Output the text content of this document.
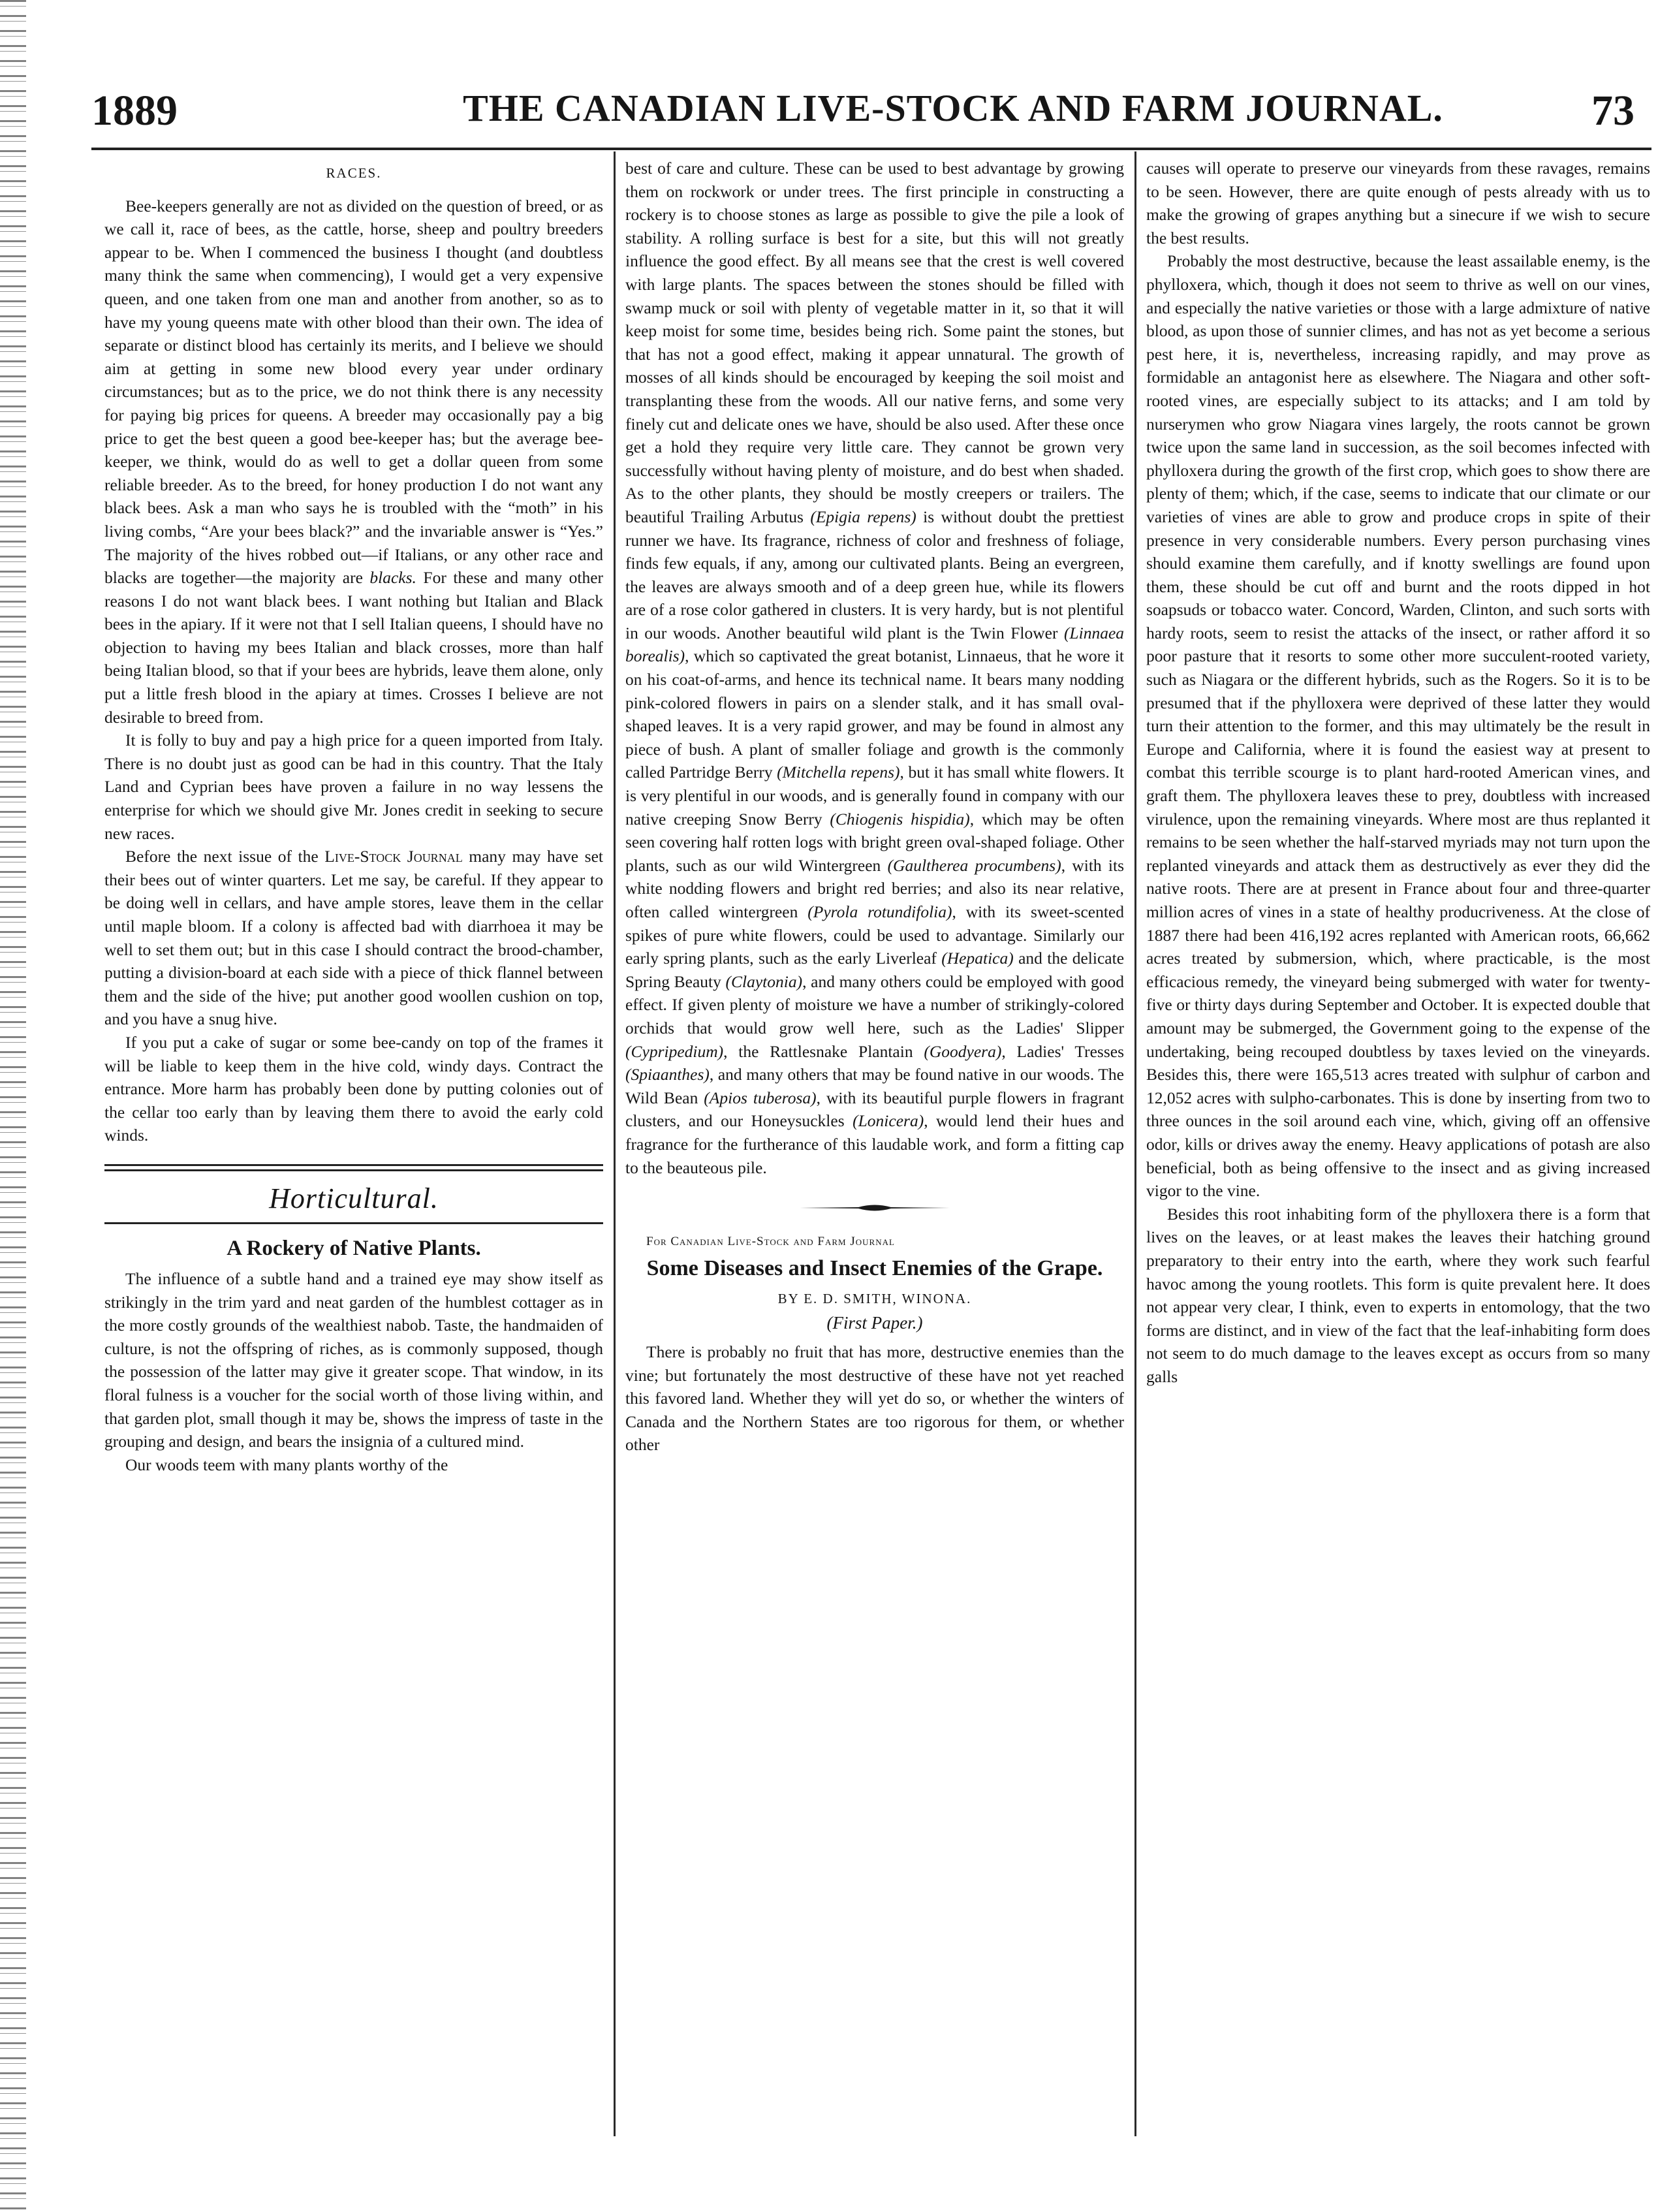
1889	THE CANADIAN LIVE-STOCK AND FARM JOURNAL.	73
RACES.

Bee-keepers generally are not as divided on the question of breed, or as we call it, race of bees, as the cattle, horse, sheep and poultry breeders appear to be. When I commenced the business I thought (and doubtless many think the same when commencing), I would get a very expensive queen, and one taken from one man and another from another, so as to have my young queens mate with other blood than their own. The idea of separate or distinct blood has certainly its merits, and I believe we should aim at getting in some new blood every year under ordinary circumstances; but as to the price, we do not think there is any necessity for paying big prices for queens. A breeder may occasionally pay a big price to get the best queen a good bee-keeper has; but the average bee-keeper, we think, would do as well to get a dollar queen from some reliable breeder. As to the breed, for honey production I do not want any black bees. Ask a man who says he is troubled with the “moth” in his living combs, “Are your bees black?” and the invariable answer is “Yes.” The majority of the hives robbed out—if Italians, or any other race and blacks are together—the majority are blacks. For these and many other reasons I do not want black bees. I want nothing but Italian and Black bees in the apiary. If it were not that I sell Italian queens, I should have no objection to having my bees Italian and black crosses, more than half being Italian blood, so that if your bees are hybrids, leave them alone, only put a little fresh blood in the apiary at times. Crosses I believe are not desirable to breed from.

It is folly to buy and pay a high price for a queen imported from Italy. There is no doubt just as good can be had in this country. That the Italy Land and Cyprian bees have proven a failure in no way lessens the enterprise for which we should give Mr. Jones credit in seeking to secure new races.

Before the next issue of the Live-Stock Journal many may have set their bees out of winter quarters. Let me say, be careful. If they appear to be doing well in cellars, and have ample stores, leave them in the cellar until maple bloom. If a colony is affected bad with diarrhoea it may be well to set them out; but in this case I should contract the brood-chamber, putting a division-board at each side with a piece of thick flannel between them and the side of the hive; put another good woollen cushion on top, and you have a snug hive.

If you put a cake of sugar or some bee-candy on top of the frames it will be liable to keep them in the hive cold, windy days. Contract the entrance. More harm has probably been done by putting colonies out of the cellar too early than by leaving them there to avoid the early cold winds.

Horticultural.
A Rockery of Native Plants.

The influence of a subtle hand and a trained eye may show itself as strikingly in the trim yard and neat garden of the humblest cottager as in the more costly grounds of the wealthiest nabob. Taste, the handmaiden of culture, is not the offspring of riches, as is commonly supposed, though the possession of the latter may give it greater scope. That window, in its floral fulness is a voucher for the social worth of those living within, and that garden plot, small though it may be, shows the impress of taste in the grouping and design, and bears the insignia of a cultured mind.

Our woods teem with many plants worthy of the

best of care and culture. These can be used to best advantage by growing them on rockwork or under trees. The first principle in constructing a rockery is to choose stones as large as possible to give the pile a look of stability. A rolling surface is best for a site, but this will not greatly influence the good effect. By all means see that the crest is well covered with large plants. The spaces between the stones should be filled with swamp muck or soil with plenty of vegetable matter in it, so that it will keep moist for some time, besides being rich. Some paint the stones, but that has not a good effect, making it appear unnatural. The growth of mosses of all kinds should be encouraged by keeping the soil moist and transplanting these from the woods. All our native ferns, and some very finely cut and delicate ones we have, should be also used. After these once get a hold they require very little care. They cannot be grown very successfully without having plenty of moisture, and do best when shaded. As to the other plants, they should be mostly creepers or trailers. The beautiful Trailing Arbutus (Epigia repens) is without doubt the prettiest runner we have. Its fragrance, richness of color and freshness of foliage, finds few equals, if any, among our cultivated plants. Being an evergreen, the leaves are always smooth and of a deep green hue, while its flowers are of a rose color gathered in clusters. It is very hardy, but is not plentiful in our woods. Another beautiful wild plant is the Twin Flower (Linnaea borealis), which so captivated the great botanist, Linnaeus, that he wore it on his coat-of-arms, and hence its technical name. It bears many nodding pink-colored flowers in pairs on a slender stalk, and it has small oval-shaped leaves. It is a very rapid grower, and may be found in almost any piece of bush. A plant of smaller foliage and growth is the commonly called Partridge Berry (Mitchella repens), but it has small white flowers. It is very plentiful in our woods, and is generally found in company with our native creeping Snow Berry (Chiogenis hispidia), which may be often seen covering half rotten logs with bright green oval-shaped foliage. Other plants, such as our wild Wintergreen (Gaultherea procumbens), with its white nodding flowers and bright red berries; and also its near relative, often called wintergreen (Pyrola rotundifolia), with its sweet-scented spikes of pure white flowers, could be used to advantage. Similarly our early spring plants, such as the early Liverleaf (Hepatica) and the delicate Spring Beauty (Claytonia), and many others could be employed with good effect. If given plenty of moisture we have a number of strikingly-colored orchids that would grow well here, such as the Ladies' Slipper (Cypripedium), the Rattlesnake Plantain (Goodyera), Ladies' Tresses (Spiaanthes), and many others that may be found native in our woods. The Wild Bean (Apios tuberosa), with its beautiful purple flowers in fragrant clusters, and our Honeysuckles (Lonicera), would lend their hues and fragrance for the furtherance of this laudable work, and form a fitting cap to the beauteous pile.

For Canadian Live-Stock and Farm Journal

Some Diseases and Insect Enemies of the Grape.
BY E. D. SMITH, WINONA.
(First Paper.)

There is probably no fruit that has more, destructive enemies than the vine; but fortunately the most destructive of these have not yet reached this favored land. Whether they will yet do so, or whether the winters of Canada and the Northern States are too rigorous for them, or whether other

causes will operate to preserve our vineyards from these ravages, remains to be seen. However, there are quite enough of pests already with us to make the growing of grapes anything but a sinecure if we wish to secure the best results.

Probably the most destructive, because the least assailable enemy, is the phylloxera, which, though it does not seem to thrive as well on our vines, and especially the native varieties or those with a large admixture of native blood, as upon those of sunnier climes, and has not as yet become a serious pest here, it is, nevertheless, increasing rapidly, and may prove as formidable an antagonist here as elsewhere. The Niagara and other soft-rooted vines, are especially subject to its attacks; and I am told by nurserymen who grow Niagara vines largely, the roots cannot be grown twice upon the same land in succession, as the soil becomes infected with phylloxera during the growth of the first crop, which goes to show there are plenty of them; which, if the case, seems to indicate that our climate or our varieties of vines are able to grow and produce crops in spite of their presence in very considerable numbers. Every person purchasing vines should examine them carefully, and if knotty swellings are found upon them, these should be cut off and burnt and the roots dipped in hot soapsuds or tobacco water. Concord, Warden, Clinton, and such sorts with hardy roots, seem to resist the attacks of the insect, or rather afford it so poor pasture that it resorts to some other more succulent-rooted variety, such as Niagara or the different hybrids, such as the Rogers. So it is to be presumed that if the phylloxera were deprived of these latter they would turn their attention to the former, and this may ultimately be the result in Europe and California, where it is found the easiest way at present to combat this terrible scourge is to plant hard-rooted American vines, and graft them. The phylloxera leaves these to prey, doubtless with increased virulence, upon the remaining vineyards. Where most are thus replanted it remains to be seen whether the half-starved myriads may not turn upon the replanted vineyards and attack them as destructively as ever they did the native roots. There are at present in France about four and three-quarter million acres of vines in a state of healthy producriveness. At the close of 1887 there had been 416,192 acres replanted with American roots, 66,662 acres treated by submersion, which, where practicable, is the most efficacious remedy, the vineyard being submerged with water for twenty-five or thirty days during September and October. It is expected double that amount may be submerged, the Government going to the expense of the undertaking, being recouped doubtless by taxes levied on the vineyards. Besides this, there were 165,513 acres treated with sulphur of carbon and 12,052 acres with sulpho-carbonates. This is done by inserting from two to three ounces in the soil around each vine, which, giving off an offensive odor, kills or drives away the enemy. Heavy applications of potash are also beneficial, both as being offensive to the insect and as giving increased vigor to the vine.

Besides this root inhabiting form of the phylloxera there is a form that lives on the leaves, or at least makes the leaves their hatching ground preparatory to their entry into the earth, where they work such fearful havoc among the young rootlets. This form is quite prevalent here. It does not appear very clear, I think, even to experts in entomology, that the two forms are distinct, and in view of the fact that the leaf-inhabiting form does not seem to do much damage to the leaves except as occurs from so many galls
